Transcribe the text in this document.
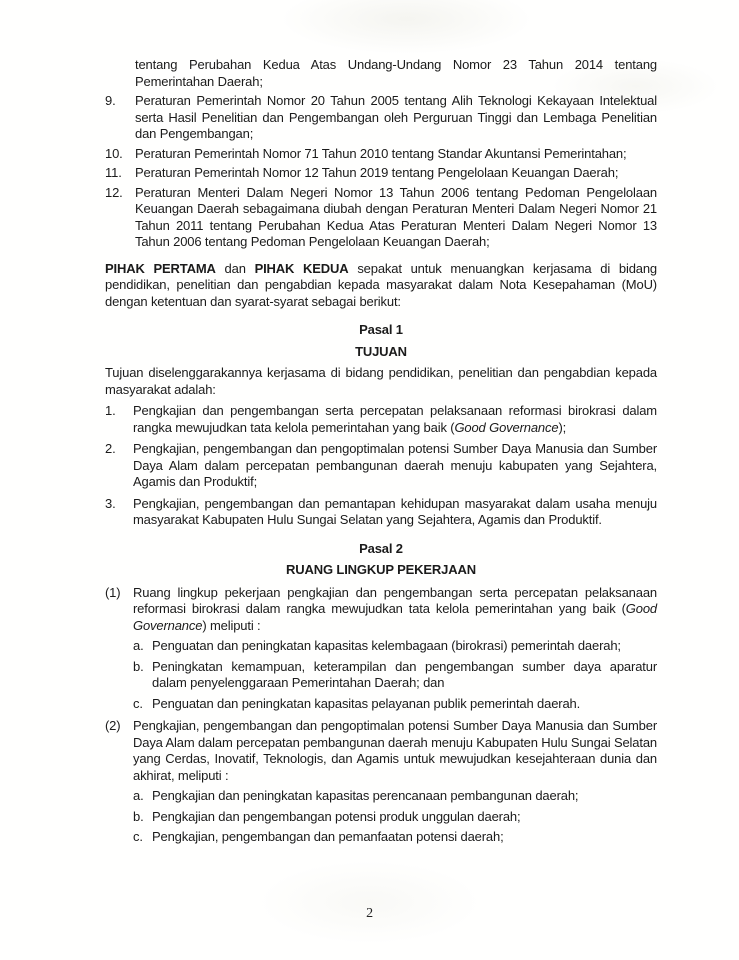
tentang Perubahan Kedua Atas Undang-Undang Nomor 23 Tahun 2014 tentang Pemerintahan Daerah;
9.	Peraturan Pemerintah Nomor 20 Tahun 2005 tentang Alih Teknologi Kekayaan Intelektual serta Hasil Penelitian dan Pengembangan oleh Perguruan Tinggi dan Lembaga Penelitian dan Pengembangan;
10. Peraturan Pemerintah Nomor 71 Tahun 2010 tentang Standar Akuntansi Pemerintahan;
11.	Peraturan Pemerintah Nomor 12 Tahun 2019 tentang Pengelolaan Keuangan Daerah;
12. Peraturan Menteri Dalam Negeri Nomor 13 Tahun 2006 tentang Pedoman Pengelolaan Keuangan Daerah sebagaimana diubah dengan Peraturan Menteri Dalam Negeri Nomor 21 Tahun 2011 tentang Perubahan Kedua Atas Peraturan Menteri Dalam Negeri Nomor 13 Tahun 2006 tentang Pedoman Pengelolaan Keuangan Daerah;

PIHAK PERTAMA dan PIHAK KEDUA sepakat untuk menuangkan kerjasama di bidang pendidikan, penelitian dan pengabdian kepada masyarakat dalam Nota Kesepahaman (MoU) dengan ketentuan dan syarat-syarat sebagai berikut:

Pasal 1
TUJUAN
Tujuan diselenggarakannya kerjasama di bidang pendidikan, penelitian dan pengabdian kepada masyarakat adalah:
1.	Pengkajian dan pengembangan serta percepatan pelaksanaan reformasi birokrasi dalam rangka mewujudkan tata kelola pemerintahan yang baik (Good Governance);
2.	Pengkajian, pengembangan dan pengoptimalan potensi Sumber Daya Manusia dan Sumber Daya Alam dalam percepatan pembangunan daerah menuju kabupaten yang Sejahtera, Agamis dan Produktif;
3.	Pengkajian, pengembangan dan pemantapan kehidupan masyarakat dalam usaha menuju masyarakat Kabupaten Hulu Sungai Selatan yang Sejahtera, Agamis dan Produktif.
Pasal 2
RUANG LINGKUP PEKERJAAN
(1) Ruang lingkup pekerjaan pengkajian dan pengembangan serta percepatan pelaksanaan reformasi birokrasi dalam rangka mewujudkan tata kelola pemerintahan yang baik (Good Governance) meliputi :
a. Penguatan dan peningkatan kapasitas kelembagaan (birokrasi) pemerintah daerah;
b. Peningkatan kemampuan, keterampilan dan pengembangan sumber daya aparatur dalam penyelenggaraan Pemerintahan Daerah; dan
c. Penguatan dan peningkatan kapasitas pelayanan publik pemerintah daerah.
(2) Pengkajian, pengembangan dan pengoptimalan potensi Sumber Daya Manusia dan Sumber Daya Alam dalam percepatan pembangunan daerah menuju Kabupaten Hulu Sungai Selatan yang Cerdas, Inovatif, Teknologis, dan Agamis untuk mewujudkan kesejahteraan dunia dan akhirat, meliputi :
a. Pengkajian dan peningkatan kapasitas perencanaan pembangunan daerah;
b. Pengkajian dan pengembangan potensi produk unggulan daerah;
c. Pengkajian, pengembangan dan pemanfaatan potensi daerah;
2
